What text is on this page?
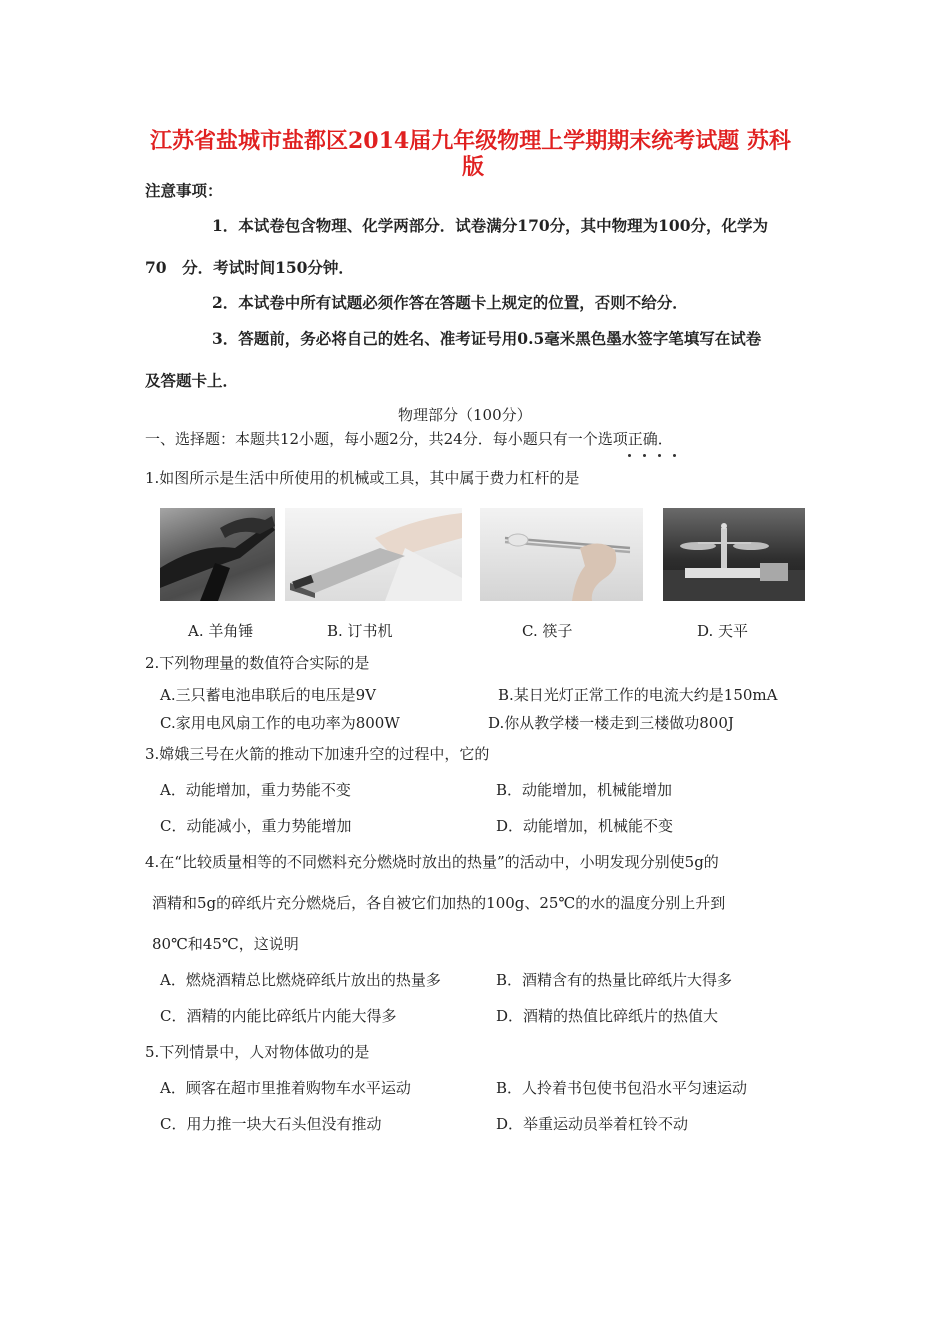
江苏省盐城市盐都区2014届九年级物理上学期期末统考试题 苏科
版
注意事项：
1．本试卷包含物理、化学两部分．试卷满分170分，其中物理为100分，化学为
70　分．考试时间150分钟．
2．本试卷中所有试题必须作答在答题卡上规定的位置，否则不给分．
3．答题前，务必将自己的姓名、准考证号用0.5毫米黑色墨水签字笔填写在试卷
及答题卡上．
物理部分（100分）
一、选择题：本题共12小题，每小题2分，共24分．每小题只有一个选项正确．
1.如图所示是生活中所使用的机械或工具，其中属于费力杠杆的是
A. 羊角锤	B. 订书机	C. 筷子	D. 天平
2.下列物理量的数值符合实际的是
A.三只蓄电池串联后的电压是9V	B.某日光灯正常工作的电流大约是150mA
C.家用电风扇工作的电功率为800W	D.你从教学楼一楼走到三楼做功800J
3.嫦娥三号在火箭的推动下加速升空的过程中，它的
A．动能增加，重力势能不变	B．动能增加，机械能增加
C．动能减小，重力势能增加	D．动能增加，机械能不变
4.在“比较质量相等的不同燃料充分燃烧时放出的热量”的活动中，小明发现分别使5g的
酒精和5g的碎纸片充分燃烧后，各自被它们加热的100g、25℃的水的温度分别上升到
80℃和45℃，这说明
A．燃烧酒精总比燃烧碎纸片放出的热量多	B．酒精含有的热量比碎纸片大得多
C．酒精的内能比碎纸片内能大得多	D．酒精的热值比碎纸片的热值大
5.下列情景中，人对物体做功的是
A．顾客在超市里推着购物车水平运动	B．人拎着书包使书包沿水平匀速运动
C．用力推一块大石头但没有推动	D．举重运动员举着杠铃不动
